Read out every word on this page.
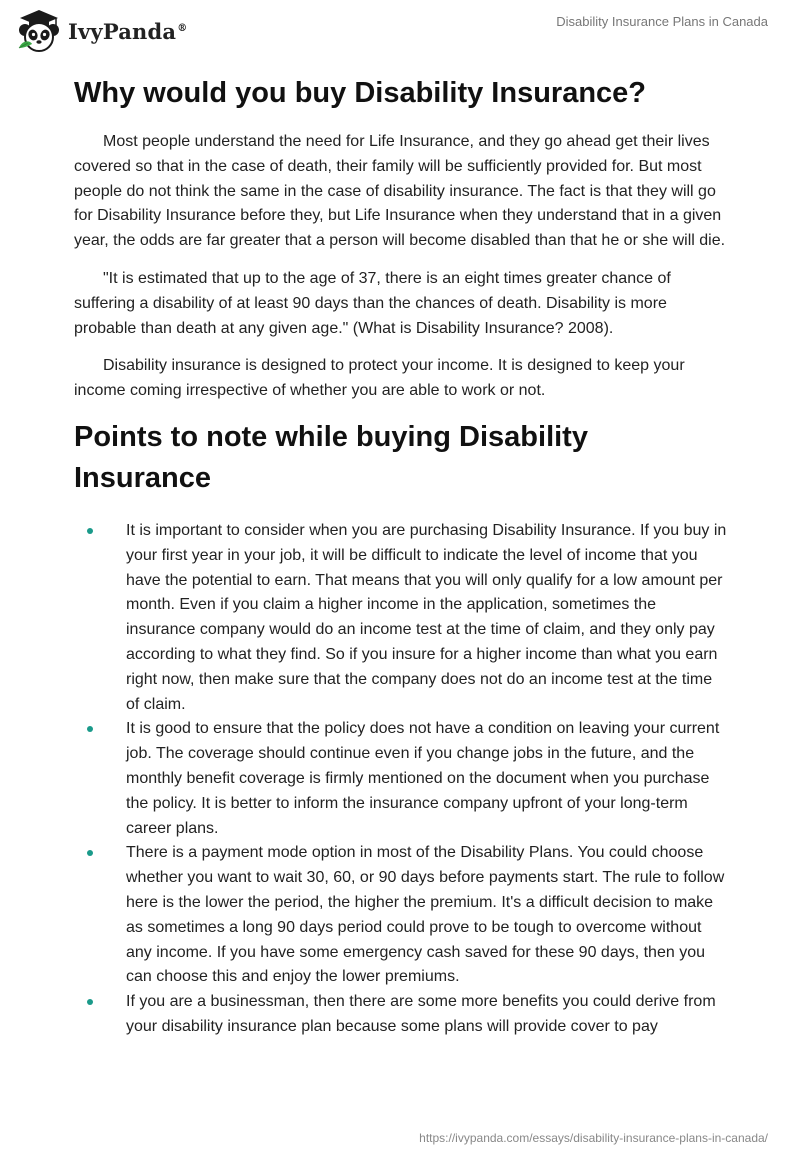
IvyPanda®	Disability Insurance Plans in Canada
Why would you buy Disability Insurance?

Most people understand the need for Life Insurance, and they go ahead get their lives covered so that in the case of death, their family will be sufficiently provided for. But most people do not think the same in the case of disability insurance. The fact is that they will go for Disability Insurance before they, but Life Insurance when they understand that in a given year, the odds are far greater that a person will become disabled than that he or she will die.

"It is estimated that up to the age of 37, there is an eight times greater chance of suffering a disability of at least 90 days than the chances of death. Disability is more probable than death at any given age." (What is Disability Insurance? 2008).

Disability insurance is designed to protect your income. It is designed to keep your income coming irrespective of whether you are able to work or not.

Points to note while buying Disability Insurance
It is important to consider when you are purchasing Disability Insurance. If you buy in your first year in your job, it will be difficult to indicate the level of income that you have the potential to earn. That means that you will only qualify for a low amount per month. Even if you claim a higher income in the application, sometimes the insurance company would do an income test at the time of claim, and they only pay according to what they find. So if you insure for a higher income than what you earn right now, then make sure that the company does not do an income test at the time of claim.
It is good to ensure that the policy does not have a condition on leaving your current job. The coverage should continue even if you change jobs in the future, and the monthly benefit coverage is firmly mentioned on the document when you purchase the policy. It is better to inform the insurance company upfront of your long-term career plans.
There is a payment mode option in most of the Disability Plans. You could choose whether you want to wait 30, 60, or 90 days before payments start. The rule to follow here is the lower the period, the higher the premium. It's a difficult decision to make as sometimes a long 90 days period could prove to be tough to overcome without any income. If you have some emergency cash saved for these 90 days, then you can choose this and enjoy the lower premiums.
If you are a businessman, then there are some more benefits you could derive from your disability insurance plan because some plans will provide cover to pay
https://ivypanda.com/essays/disability-insurance-plans-in-canada/
